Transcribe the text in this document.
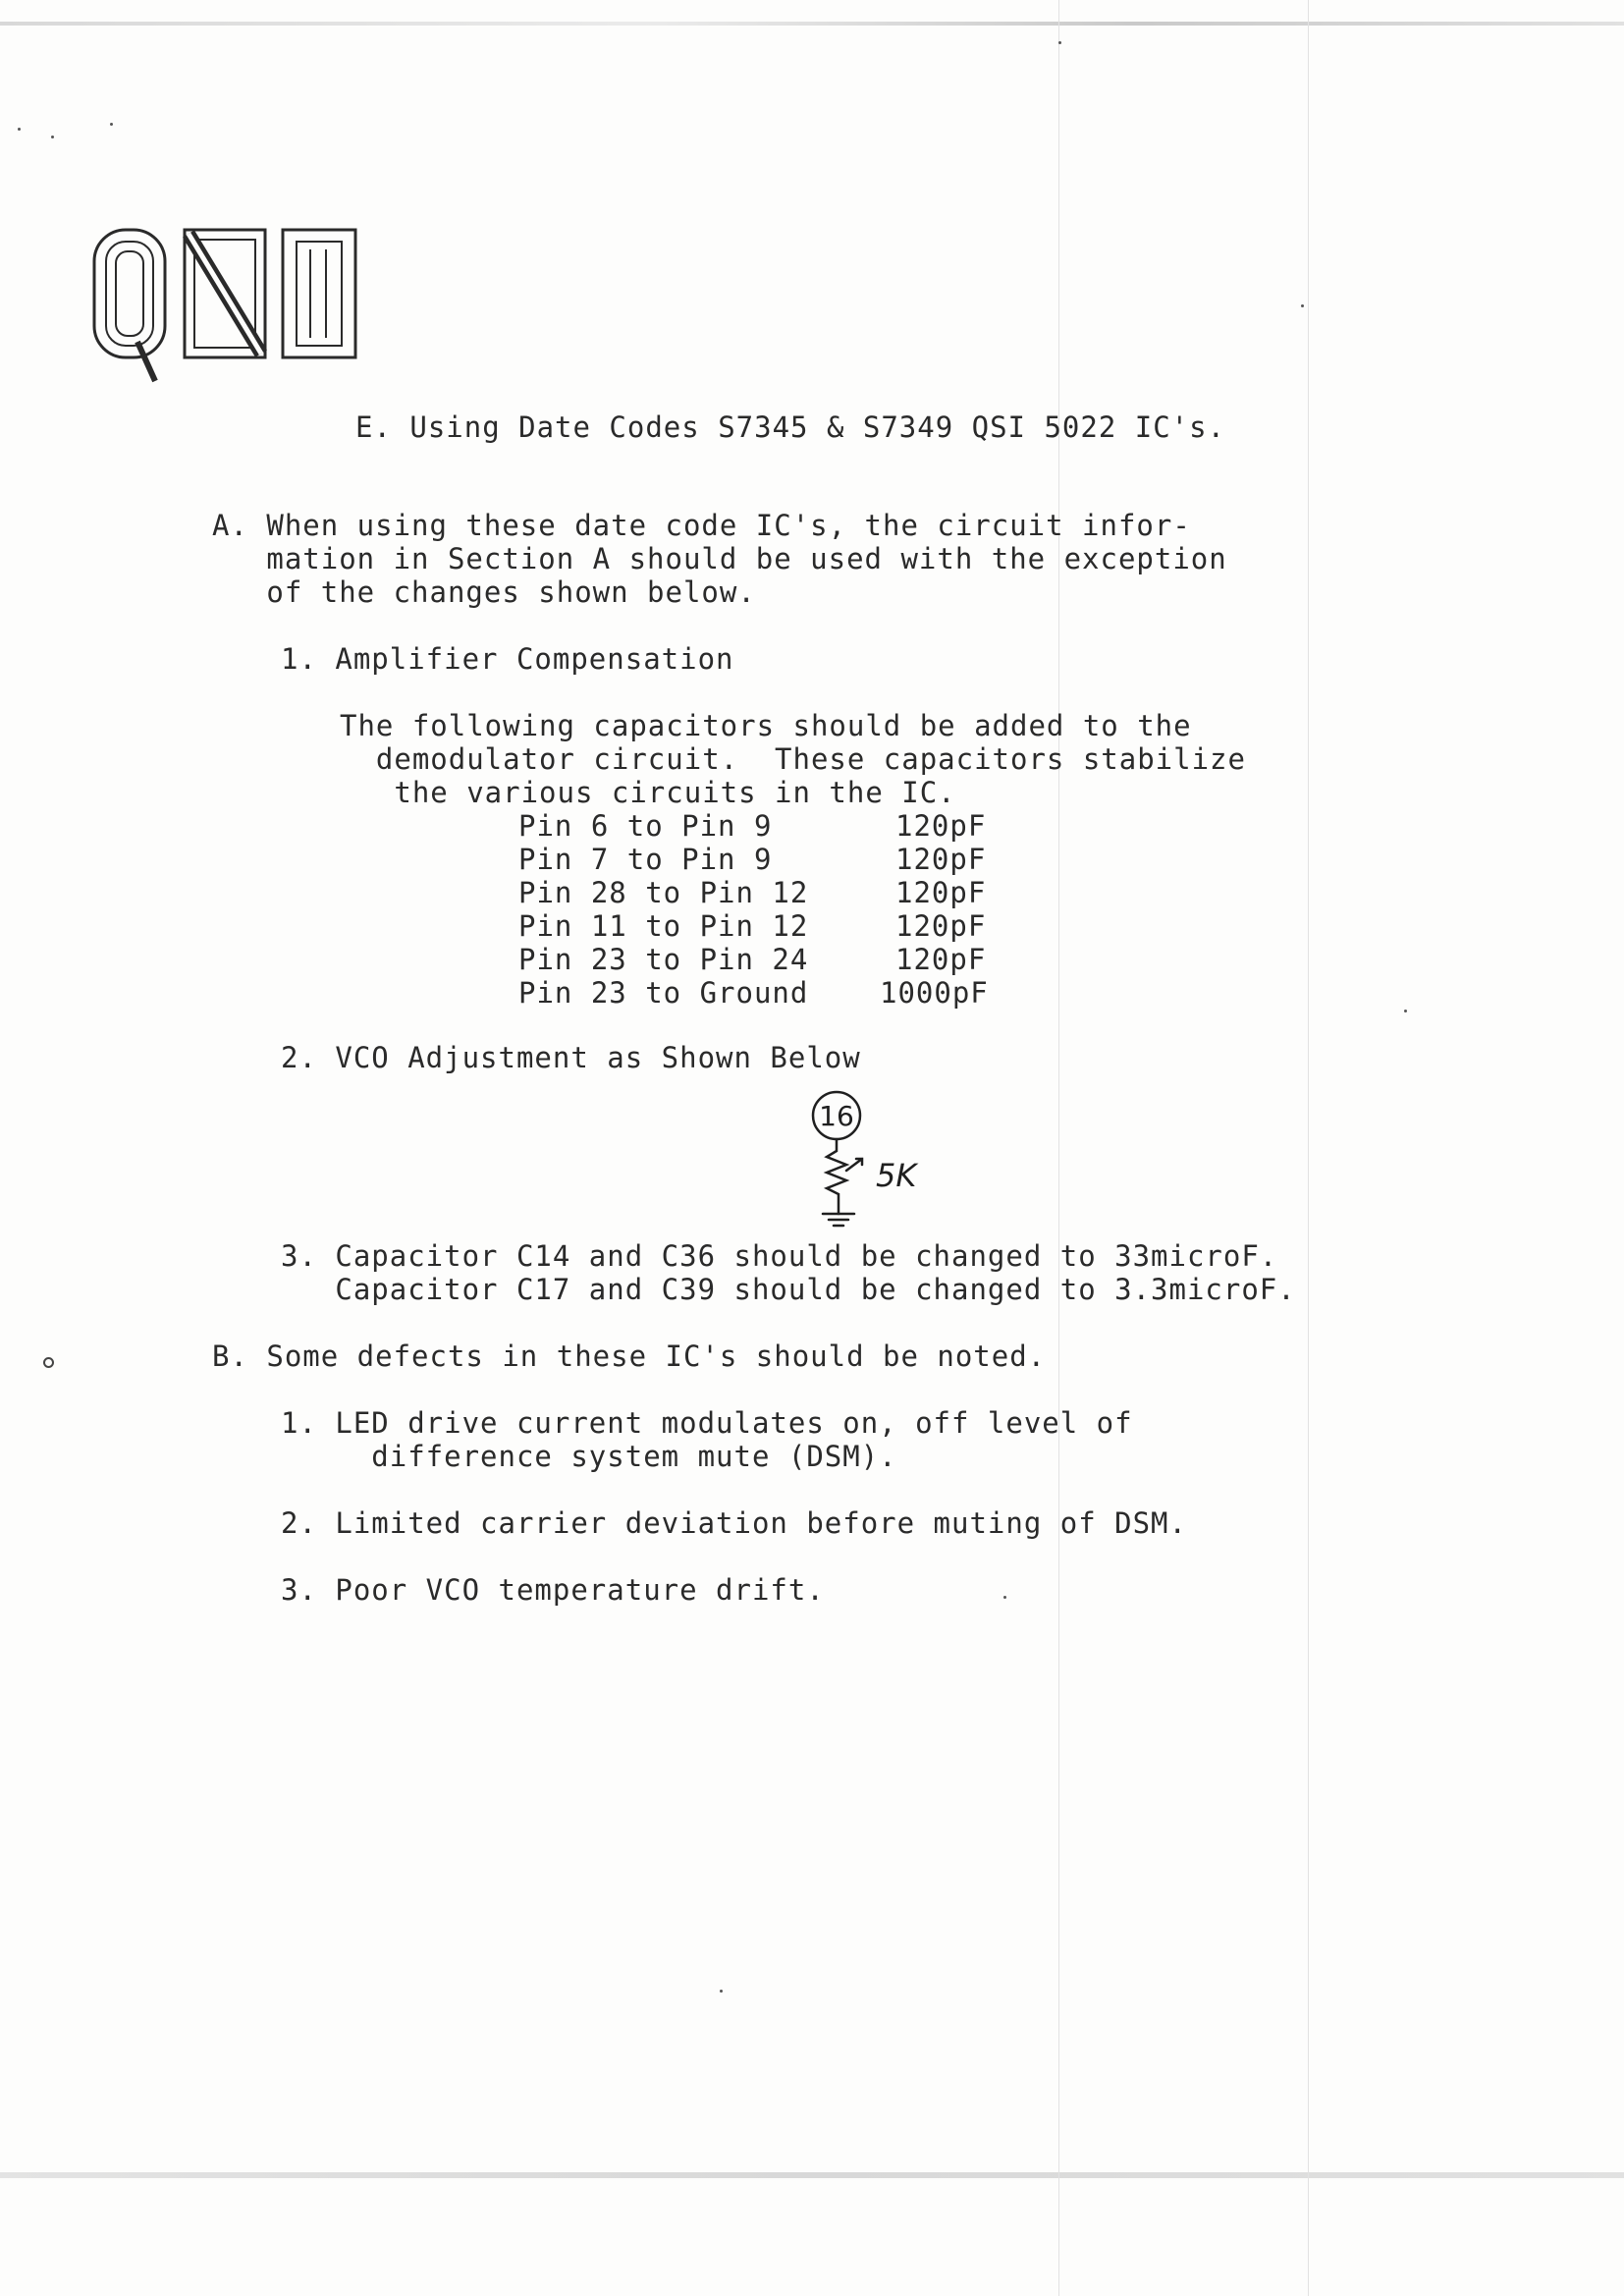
E. Using Date Codes S7345 & S7349 QSI 5022 IC's.
A. When using these date code IC's, the circuit infor-
mation in Section A should be used with the exception
of the changes shown below.
1. Amplifier Compensation
The following capacitors should be added to the
demodulator circuit.  These capacitors stabilize
the various circuits in the IC.
Pin 6 to Pin 9	120pF
Pin 7 to Pin 9	120pF
Pin 28 to Pin 12	120pF
Pin 11 to Pin 12	120pF
Pin 23 to Pin 24	120pF
Pin 23 to Ground	1000pF
2. VCO Adjustment as Shown Below
16
5K
3. Capacitor C14 and C36 should be changed to 33microF.
Capacitor C17 and C39 should be changed to 3.3microF.
B. Some defects in these IC's should be noted.
1. LED drive current modulates on, off level of
difference system mute (DSM).
2. Limited carrier deviation before muting of DSM.
3. Poor VCO temperature drift.
